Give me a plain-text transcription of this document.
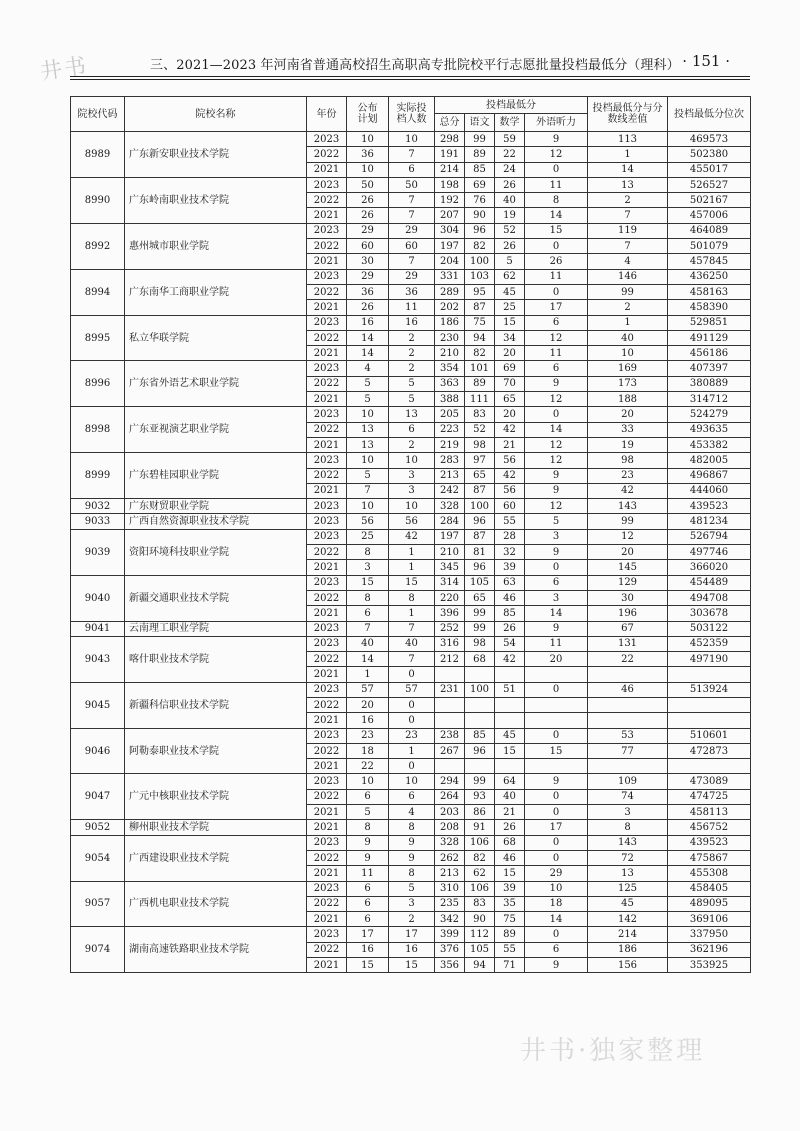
井书	三、2021—2023 年河南省普通高校招生高职高专批院校平行志愿批量投档最低分（理科） · 151 ·
院校代码	院校名称	年份	公布计划	实际投档人数	投档最低分				投档最低分与分数线差值	投档最低分位次
					总分	语文	数学	外语听力		
8989	广东新安职业技术学院	2023	10	10	298	99	59	9	113	469573
		2022	36	7	191	89	22	12	1	502380
		2021	10	6	214	85	24	0	14	455017
8990	广东岭南职业技术学院	2023	50	50	198	69	26	11	13	526527
		2022	26	7	192	76	40	8	2	502167
		2021	26	7	207	90	19	14	7	457006
8992	惠州城市职业学院	2023	29	29	304	96	52	15	119	464089
		2022	60	60	197	82	26	0	7	501079
		2021	30	7	204	100	5	26	4	457845
8994	广东南华工商职业学院	2023	29	29	331	103	62	11	146	436250
		2022	36	36	289	95	45	0	99	458163
		2021	26	11	202	87	25	17	2	458390
8995	私立华联学院	2023	16	16	186	75	15	6	1	529851
		2022	14	2	230	94	34	12	40	491129
		2021	14	2	210	82	20	11	10	456186
8996	广东省外语艺术职业学院	2023	4	2	354	101	69	6	169	407397
		2022	5	5	363	89	70	9	173	380889
		2021	5	5	388	111	65	12	188	314712
8998	广东亚视演艺职业学院	2023	10	13	205	83	20	0	20	524279
		2022	13	6	223	52	42	14	33	493635
		2021	13	2	219	98	21	12	19	453382
8999	广东碧桂园职业学院	2023	10	10	283	97	56	12	98	482005
		2022	5	3	213	65	42	9	23	496867
		2021	7	3	242	87	56	9	42	444060
9032	广东财贸职业学院	2023	10	10	328	100	60	12	143	439523
9033	广西自然资源职业技术学院	2023	56	56	284	96	55	5	99	481234
9039	资阳环境科技职业学院	2023	25	42	197	87	28	3	12	526794
		2022	8	1	210	81	32	9	20	497746
		2021	3	1	345	96	39	0	145	366020
9040	新疆交通职业技术学院	2023	15	15	314	105	63	6	129	454489
		2022	8	8	220	65	46	3	30	494708
		2021	6	1	396	99	85	14	196	303678
9041	云南理工职业学院	2023	7	7	252	99	26	9	67	503122
9043	喀什职业技术学院	2023	40	40	316	98	54	11	131	452359
		2022	14	7	212	68	42	20	22	497190
		2021	1	0						
9045	新疆科信职业技术学院	2023	57	57	231	100	51	0	46	513924
		2022	20	0						
		2021	16	0						
9046	阿勒泰职业技术学院	2023	23	23	238	85	45	0	53	510601
		2022	18	1	267	96	15	15	77	472873
		2021	22	0						
9047	广元中核职业技术学院	2023	10	10	294	99	64	9	109	473089
		2022	6	6	264	93	40	0	74	474725
		2021	5	4	203	86	21	0	3	458113
9052	柳州职业技术学院	2021	8	8	208	91	26	17	8	456752
9054	广西建设职业技术学院	2023	9	9	328	106	68	0	143	439523
		2022	9	9	262	82	46	0	72	475867
		2021	11	8	213	62	15	29	13	455308
9057	广西机电职业技术学院	2023	6	5	310	106	39	10	125	458405
		2022	6	3	235	83	35	18	45	489095
		2021	6	2	342	90	75	14	142	369106
9074	湖南高速铁路职业技术学院	2023	17	17	399	112	89	0	214	337950
		2022	16	16	376	105	55	6	186	362196
		2021	15	15	356	94	71	9	156	353925
井书·独家整理
